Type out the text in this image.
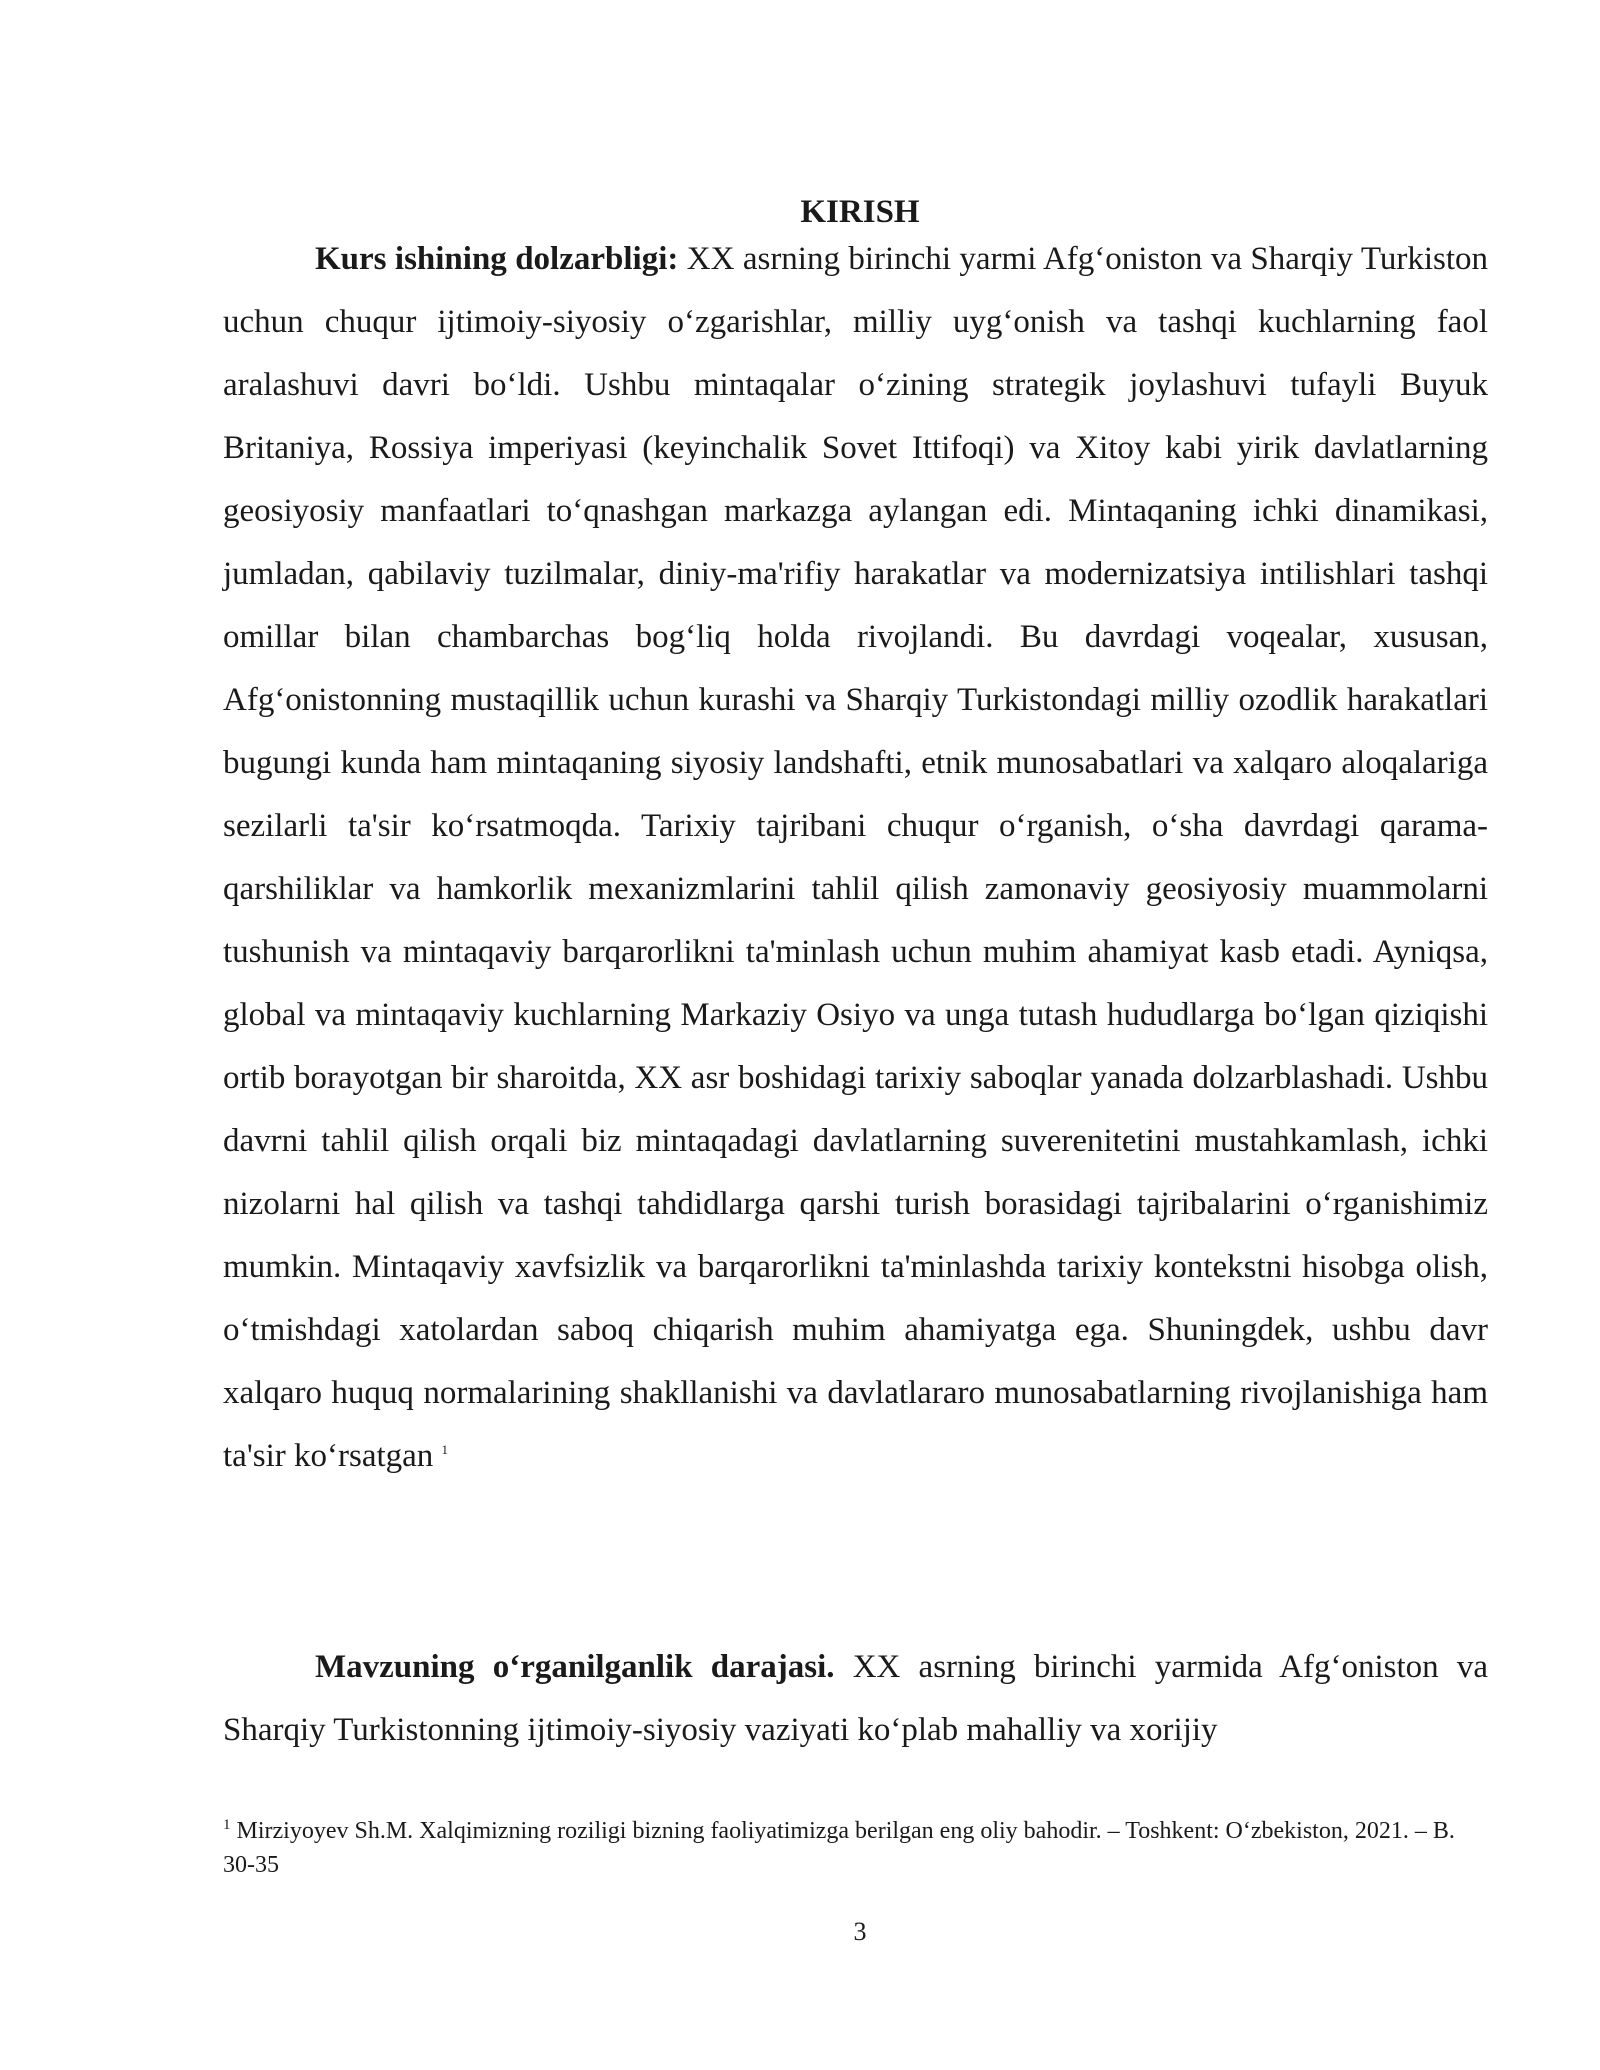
KIRISH

Kurs ishining dolzarbligi: XX asrning birinchi yarmi Afg‘oniston va Sharqiy Turkiston uchun chuqur ijtimoiy-siyosiy o‘zgarishlar, milliy uyg‘onish va tashqi kuchlarning faol aralashuvi davri bo‘ldi. Ushbu mintaqalar o‘zining strategik joylashuvi tufayli Buyuk Britaniya, Rossiya imperiyasi (keyinchalik Sovet Ittifoqi) va Xitoy kabi yirik davlatlarning geosiyosiy manfaatlari to‘qnashgan markazga aylangan edi. Mintaqaning ichki dinamikasi, jumladan, qabilaviy tuzilmalar, diniy-ma'rifiy harakatlar va modernizatsiya intilishlari tashqi omillar bilan chambarchas bog‘liq holda rivojlandi. Bu davrdagi voqealar, xususan, Afg‘onistonning mustaqillik uchun kurashi va Sharqiy Turkistondagi milliy ozodlik harakatlari bugungi kunda ham mintaqaning siyosiy landshafti, etnik munosabatlari va xalqaro aloqalariga sezilarli ta'sir ko‘rsatmoqda. Tarixiy tajribani chuqur o‘rganish, o‘sha davrdagi qarama-qarshiliklar va hamkorlik mexanizmlarini tahlil qilish zamonaviy geosiyosiy muammolarni tushunish va mintaqaviy barqarorlikni ta'minlash uchun muhim ahamiyat kasb etadi. Ayniqsa, global va mintaqaviy kuchlarning Markaziy Osiyo va unga tutash hududlarga bo‘lgan qiziqishi ortib borayotgan bir sharoitda, XX asr boshidagi tarixiy saboqlar yanada dolzarblashadi. Ushbu davrni tahlil qilish orqali biz mintaqadagi davlatlarning suverenitetini mustahkamlash, ichki nizolarni hal qilish va tashqi tahdidlarga qarshi turish borasidagi tajribalarini o‘rganishimiz mumkin. Mintaqaviy xavfsizlik va barqarorlikni ta'minlashda tarixiy kontekstni hisobga olish, o‘tmishdagi xatolardan saboq chiqarish muhim ahamiyatga ega. Shuningdek, ushbu davr xalqaro huquq normalarining shakllanishi va davlatlararo munosabatlarning rivojlanishiga ham ta'sir ko‘rsatgan $^1$

Mavzuning o‘rganilganlik darajasi. XX asrning birinchi yarmida Afg‘oniston va Sharqiy Turkistonning ijtimoiy-siyosiy vaziyati ko‘plab mahalliy va xorijiy

$^1$ Mirziyoyev Sh.M. Xalqimizning roziligi bizning faoliyatimizga berilgan eng oliy bahodir. – Toshkent: O‘zbekiston, 2021. – B. 30-35

3
